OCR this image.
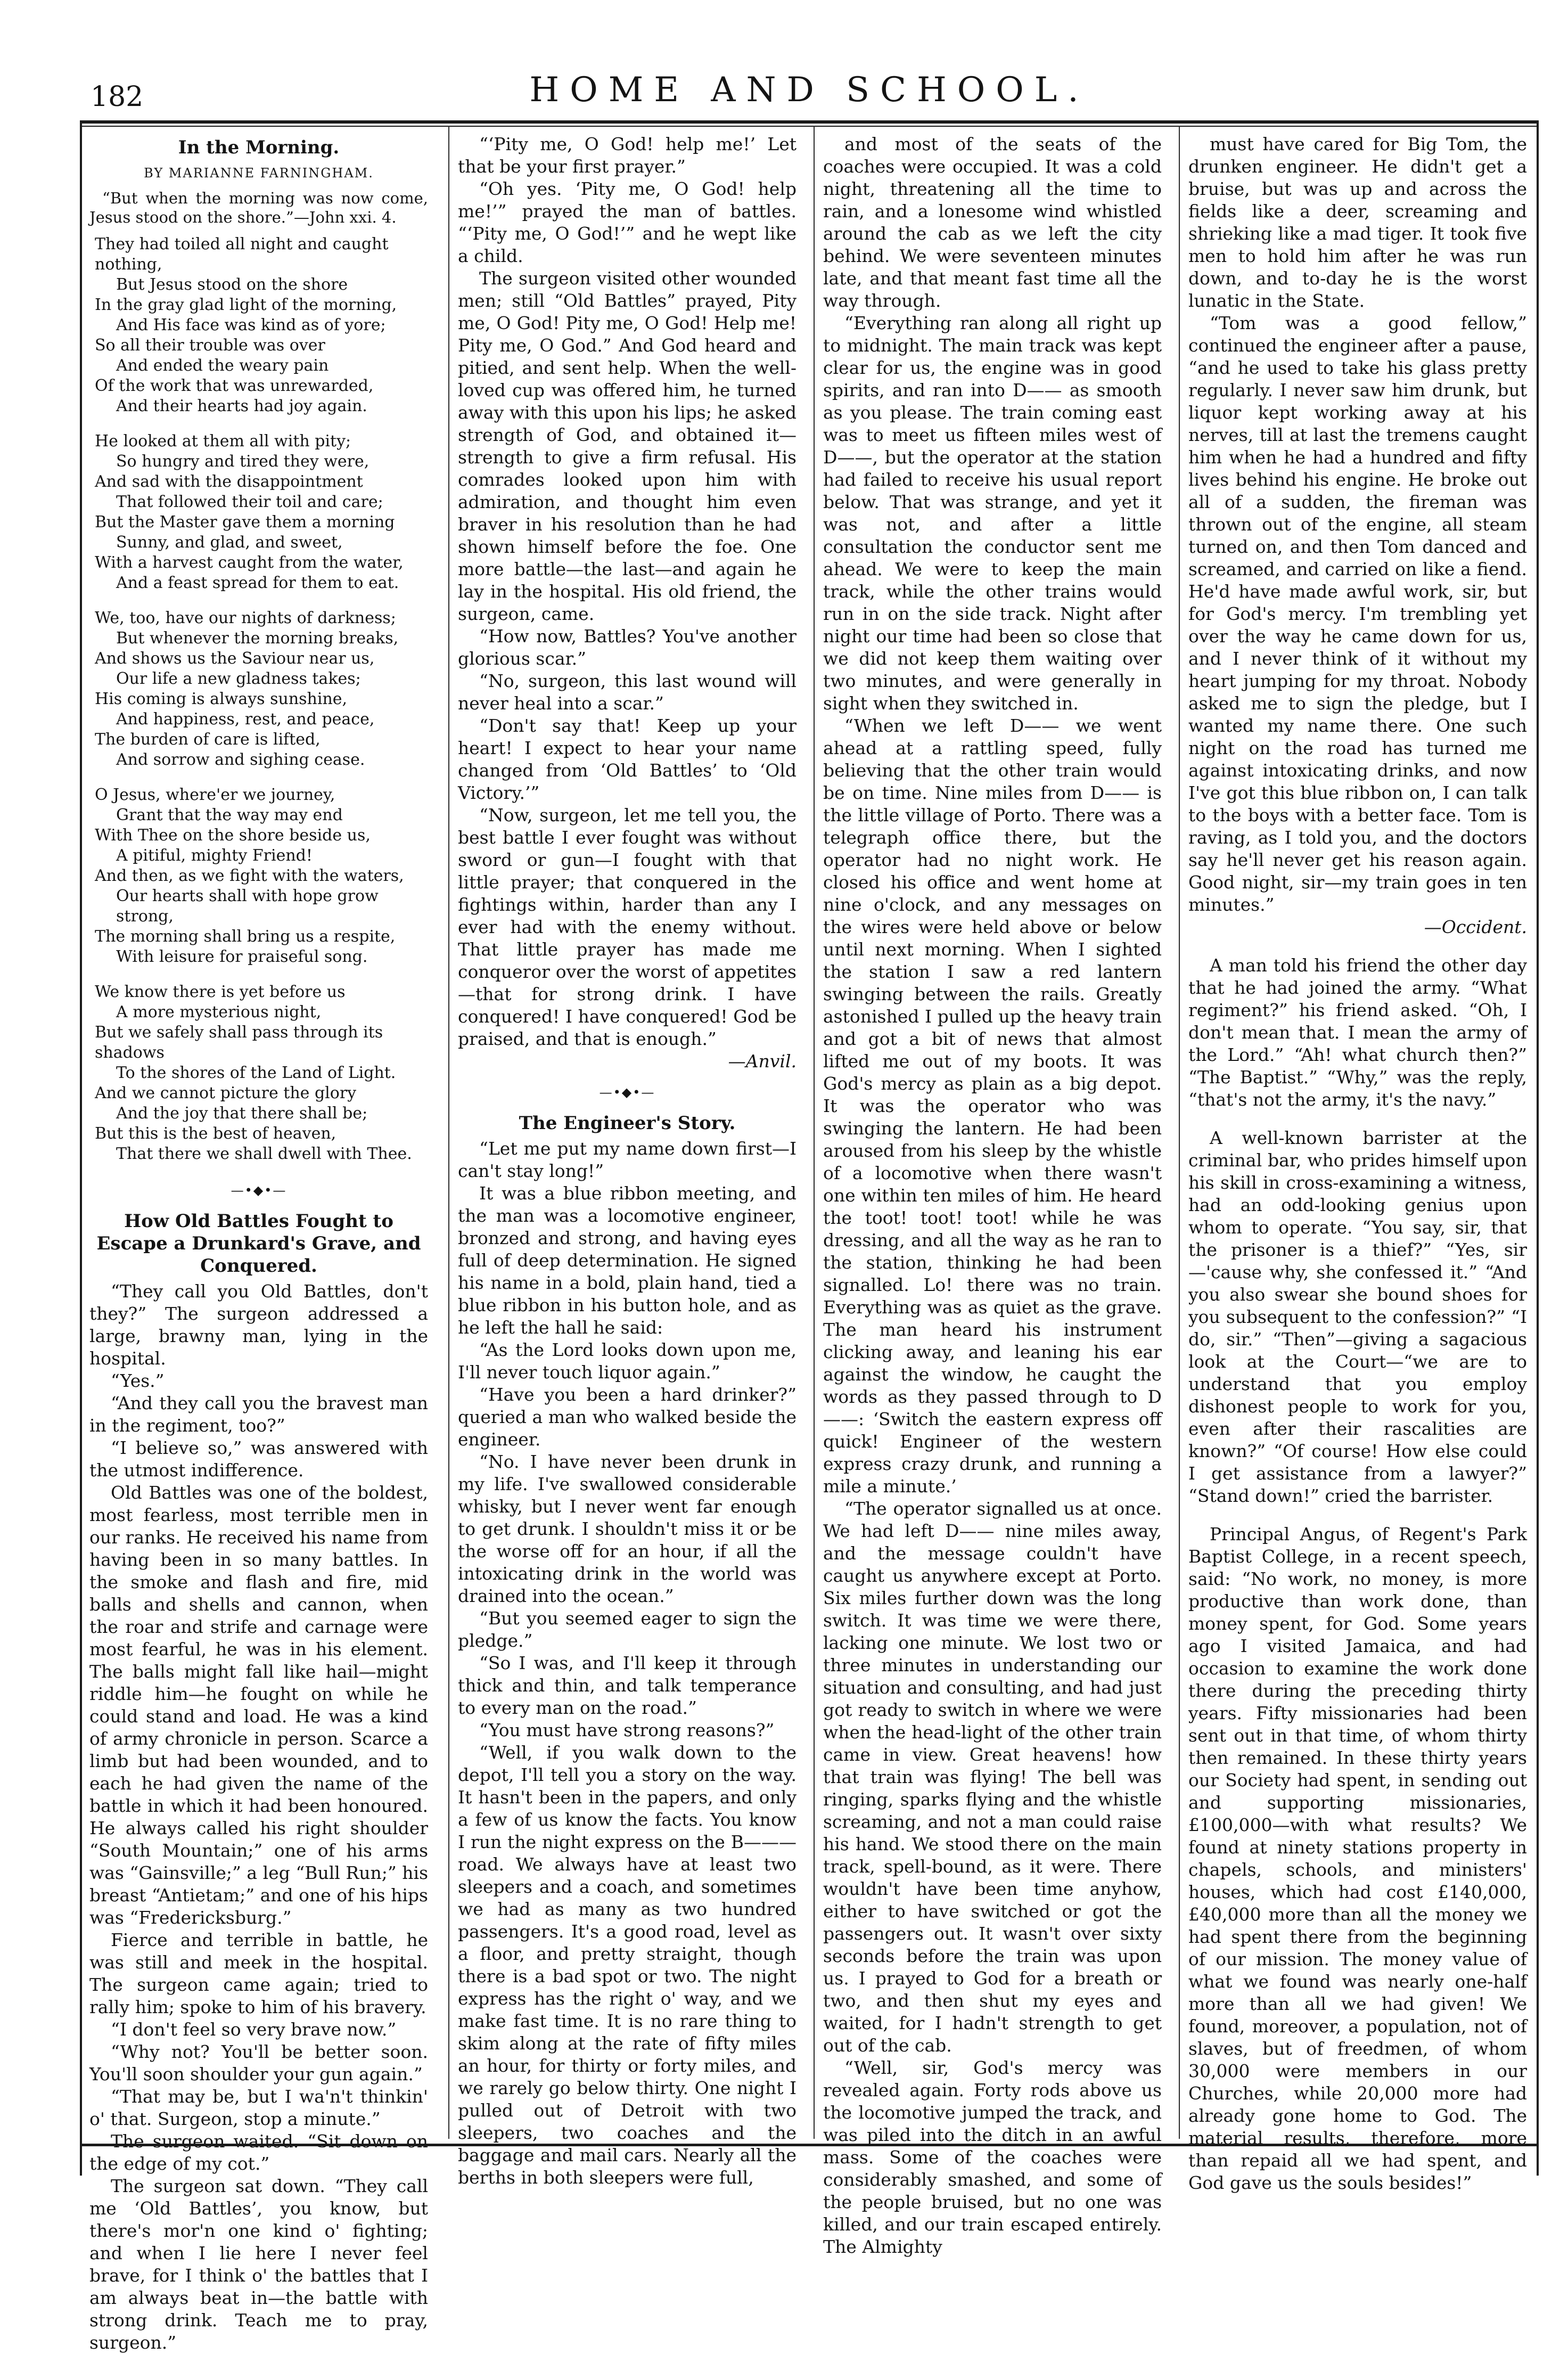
182	HOME AND SCHOOL.
In the Morning.
BY MARIANNE FARNINGHAM.

“But when the morning was now come, Jesus stood on the shore.”—John xxi. 4.

They had toiled all night and caught nothing,
But Jesus stood on the shore
In the gray glad light of the morning,
And His face was kind as of yore;
So all their trouble was over
And ended the weary pain
Of the work that was unrewarded,
And their hearts had joy again.
He looked at them all with pity;
So hungry and tired they were,
And sad with the disappointment
That followed their toil and care;
But the Master gave them a morning
Sunny, and glad, and sweet,
With a harvest caught from the water,
And a feast spread for them to eat.
We, too, have our nights of darkness;
But whenever the morning breaks,
And shows us the Saviour near us,
Our life a new gladness takes;
His coming is always sunshine,
And happiness, rest, and peace,
The burden of care is lifted,
And sorrow and sighing cease.
O Jesus, where'er we journey,
Grant that the way may end
With Thee on the shore beside us,
A pitiful, mighty Friend!
And then, as we fight with the waters,
Our hearts shall with hope grow strong,
The morning shall bring us a respite,
With leisure for praiseful song.
We know there is yet before us
A more mysterious night,
But we safely shall pass through its shadows
To the shores of the Land of Light.
And we cannot picture the glory
And the joy that there shall be;
But this is the best of heaven,
That there we shall dwell with Thee.
—•◆•—
How Old Battles Fought to Escape a Drunkard's Grave, and Conquered.

“They call you Old Battles, don't they?” The surgeon addressed a large, brawny man, lying in the hospital.

“Yes.”

“And they call you the bravest man in the regiment, too?”

“I believe so,” was answered with the utmost indifference.

Old Battles was one of the boldest, most fearless, most terrible men in our ranks. He received his name from having been in so many battles. In the smoke and flash and fire, mid balls and shells and cannon, when the roar and strife and carnage were most fearful, he was in his element. The balls might fall like hail—might riddle him—he fought on while he could stand and load. He was a kind of army chronicle in person. Scarce a limb but had been wounded, and to each he had given the name of the battle in which it had been honoured. He always called his right shoulder “South Mountain;” one of his arms was “Gainsville;” a leg “Bull Run;” his breast “Antietam;” and one of his hips was “Fredericksburg.”

Fierce and terrible in battle, he was still and meek in the hospital. The surgeon came again; tried to rally him; spoke to him of his bravery.

“I don't feel so very brave now.”

“Why not? You'll be better soon. You'll soon shoulder your gun again.”

“That may be, but I wa'n't thinkin' o' that. Surgeon, stop a minute.”

The surgeon waited. “Sit down on the edge of my cot.”

The surgeon sat down. “They call me ‘Old Battles’, you know, but there's mor'n one kind o' fighting; and when I lie here I never feel brave, for I think o' the battles that I am always beat in—the battle with strong drink. Teach me to pray, surgeon.”

“‘Pity me, O God! help me!’ Let that be your first prayer.”

“Oh yes. ‘Pity me, O God! help me!’” prayed the man of battles. “‘Pity me, O God!’” and he wept like a child.

The surgeon visited other wounded men; still “Old Battles” prayed, Pity me, O God! Pity me, O God! Help me! Pity me, O God.” And God heard and pitied, and sent help. When the well-loved cup was offered him, he turned away with this upon his lips; he asked strength of God, and obtained it—strength to give a firm refusal. His comrades looked upon him with admiration, and thought him even braver in his resolution than he had shown himself before the foe. One more battle—the last—and again he lay in the hospital. His old friend, the surgeon, came.

“How now, Battles? You've another glorious scar.”

“No, surgeon, this last wound will never heal into a scar.”

“Don't say that! Keep up your heart! I expect to hear your name changed from ‘Old Battles’ to ‘Old Victory.’”

“Now, surgeon, let me tell you, the best battle I ever fought was without sword or gun—I fought with that little prayer; that conquered in the fightings within, harder than any I ever had with the enemy without. That little prayer has made me conqueror over the worst of appetites—that for strong drink. I have conquered! I have conquered! God be praised, and that is enough.”

—Anvil.

—•◆•—
The Engineer's Story.

“Let me put my name down first—I can't stay long!”

It was a blue ribbon meeting, and the man was a locomotive engineer, bronzed and strong, and having eyes full of deep determination. He signed his name in a bold, plain hand, tied a blue ribbon in his button hole, and as he left the hall he said:

“As the Lord looks down upon me, I'll never touch liquor again.”

“Have you been a hard drinker?” queried a man who walked beside the engineer.

“No. I have never been drunk in my life. I've swallowed considerable whisky, but I never went far enough to get drunk. I shouldn't miss it or be the worse off for an hour, if all the intoxicating drink in the world was drained into the ocean.”

“But you seemed eager to sign the pledge.”

“So I was, and I'll keep it through thick and thin, and talk temperance to every man on the road.”

“You must have strong reasons?”

“Well, if you walk down to the depot, I'll tell you a story on the way. It hasn't been in the papers, and only a few of us know the facts. You know I run the night express on the B——— road. We always have at least two sleepers and a coach, and sometimes we had as many as two hundred passengers. It's a good road, level as a floor, and pretty straight, though there is a bad spot or two. The night express has the right o' way, and we make fast time. It is no rare thing to skim along at the rate of fifty miles an hour, for thirty or forty miles, and we rarely go below thirty. One night I pulled out of Detroit with two sleepers, two coaches and the baggage and mail cars. Nearly all the berths in both sleepers were full,

and most of the seats of the coaches were occupied. It was a cold night, threatening all the time to rain, and a lonesome wind whistled around the cab as we left the city behind. We were seventeen minutes late, and that meant fast time all the way through.

“Everything ran along all right up to midnight. The main track was kept clear for us, the engine was in good spirits, and ran into D—— as smooth as you please. The train coming east was to meet us fifteen miles west of D——, but the operator at the station had failed to receive his usual report below. That was strange, and yet it was not, and after a little consultation the conductor sent me ahead. We were to keep the main track, while the other trains would run in on the side track. Night after night our time had been so close that we did not keep them waiting over two minutes, and were generally in sight when they switched in.

“When we left D—— we went ahead at a rattling speed, fully believing that the other train would be on time. Nine miles from D—— is the little village of Porto. There was a telegraph office there, but the operator had no night work. He closed his office and went home at nine o'clock, and any messages on the wires were held above or below until next morning. When I sighted the station I saw a red lantern swinging between the rails. Greatly astonished I pulled up the heavy train and got a bit of news that almost lifted me out of my boots. It was God's mercy as plain as a big depot. It was the operator who was swinging the lantern. He had been aroused from his sleep by the whistle of a locomotive when there wasn't one within ten miles of him. He heard the toot! toot! toot! while he was dressing, and all the way as he ran to the station, thinking he had been signalled. Lo! there was no train. Everything was as quiet as the grave. The man heard his instrument clicking away, and leaning his ear against the window, he caught the words as they passed through to D——: ‘Switch the eastern express off quick! Engineer of the western express crazy drunk, and running a mile a minute.’

“The operator signalled us at once. We had left D—— nine miles away, and the message couldn't have caught us anywhere except at Porto. Six miles further down was the long switch. It was time we were there, lacking one minute. We lost two or three minutes in understanding our situation and consulting, and had just got ready to switch in where we were when the head-light of the other train came in view. Great heavens! how that train was flying! The bell was ringing, sparks flying and the whistle screaming, and not a man could raise his hand. We stood there on the main track, spell-bound, as it were. There wouldn't have been time anyhow, either to have switched or got the passengers out. It wasn't over sixty seconds before the train was upon us. I prayed to God for a breath or two, and then shut my eyes and waited, for I hadn't strength to get out of the cab.

“Well, sir, God's mercy was revealed again. Forty rods above us the locomotive jumped the track, and was piled into the ditch in an awful mass. Some of the coaches were considerably smashed, and some of the people bruised, but no one was killed, and our train escaped entirely. The Almighty

must have cared for Big Tom, the drunken engineer. He didn't get a bruise, but was up and across the fields like a deer, screaming and shrieking like a mad tiger. It took five men to hold him after he was run down, and to-day he is the worst lunatic in the State.

“Tom was a good fellow,” continued the engineer after a pause, “and he used to take his glass pretty regularly. I never saw him drunk, but liquor kept working away at his nerves, till at last the tremens caught him when he had a hundred and fifty lives behind his engine. He broke out all of a sudden, the fireman was thrown out of the engine, all steam turned on, and then Tom danced and screamed, and carried on like a fiend. He'd have made awful work, sir, but for God's mercy. I'm trembling yet over the way he came down for us, and I never think of it without my heart jumping for my throat. Nobody asked me to sign the pledge, but I wanted my name there. One such night on the road has turned me against intoxicating drinks, and now I've got this blue ribbon on, I can talk to the boys with a better face. Tom is raving, as I told you, and the doctors say he'll never get his reason again. Good night, sir—my train goes in ten minutes.”

—Occident.

A man told his friend the other day that he had joined the army. “What regiment?” his friend asked. “Oh, I don't mean that. I mean the army of the Lord.” “Ah! what church then?” “The Baptist.” “Why,” was the reply, “that's not the army, it's the navy.”

A well-known barrister at the criminal bar, who prides himself upon his skill in cross-examining a witness, had an odd-looking genius upon whom to operate. “You say, sir, that the prisoner is a thief?” “Yes, sir—'cause why, she confessed it.” “And you also swear she bound shoes for you subsequent to the confession?” “I do, sir.” “Then”—giving a sagacious look at the Court—“we are to understand that you employ dishonest people to work for you, even after their rascalities are known?” “Of course! How else could I get assistance from a lawyer?” “Stand down!” cried the barrister.

Principal Angus, of Regent's Park Baptist College, in a recent speech, said: “No work, no money, is more productive than work done, than money spent, for God. Some years ago I visited Jamaica, and had occasion to examine the work done there during the preceding thirty years. Fifty missionaries had been sent out in that time, of whom thirty then remained. In these thirty years our Society had spent, in sending out and supporting missionaries, £100,000—with what results? We found at ninety stations property in chapels, schools, and ministers' houses, which had cost £140,000, £40,000 more than all the money we had spent there from the beginning of our mission. The money value of what we found was nearly one-half more than all we had given! We found, moreover, a population, not of slaves, but of freedmen, of whom 30,000 were members in our Churches, while 20,000 more had already gone home to God. The material results, therefore, more than repaid all we had spent, and God gave us the souls besides!”
